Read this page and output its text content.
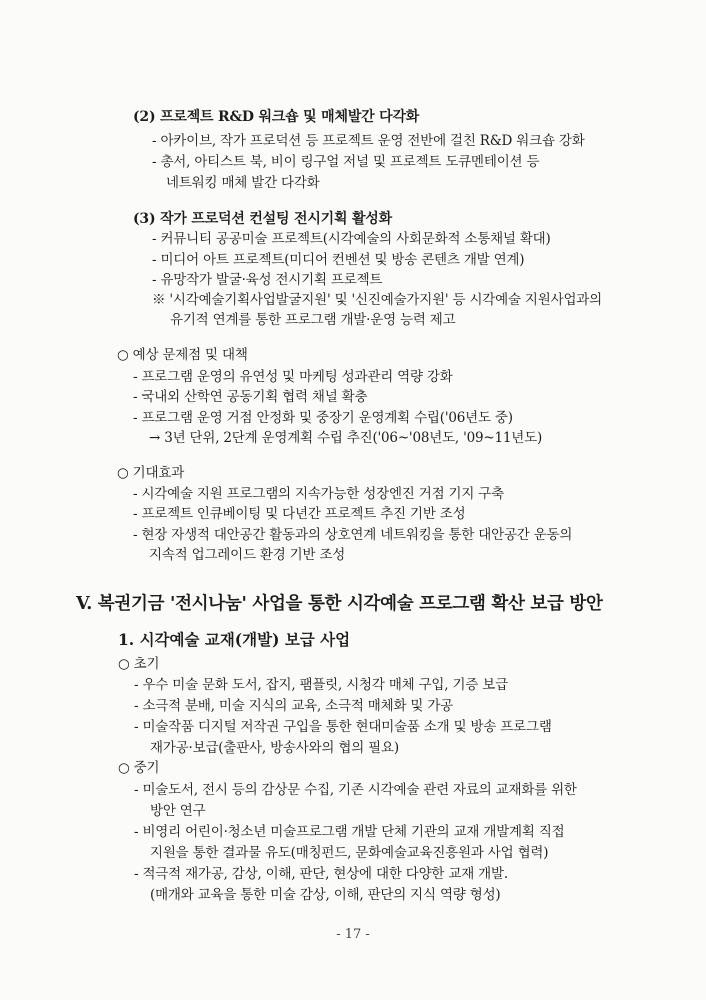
(2) 프로젝트 R&D 워크숍 및 매체발간 다각화
- 아카이브, 작가 프로덕션 등 프로젝트 운영 전반에 걸친 R&D 워크숍 강화
- 총서, 아티스트 북, 비이 링구얼 저널 및 프로젝트 도큐멘테이션 등
네트워킹 매체 발간 다각화
(3) 작가 프로덕션 컨설팅 전시기획 활성화
- 커뮤니티 공공미술 프로젝트(시각예술의 사회문화적 소통채널 확대)
- 미디어 아트 프로젝트(미디어 컨벤션 및 방송 콘텐츠 개발 연계)
- 유망작가 발굴·육성 전시기획 프로젝트
※ '시각예술기획사업발굴지원' 및 '신진예술가지원' 등 시각예술 지원사업과의
유기적 연계를 통한 프로그램 개발·운영 능력 제고
○ 예상 문제점 및 대책
- 프로그램 운영의 유연성 및 마케팅 성과관리 역량 강화
- 국내외 산학연 공동기획 협력 채널 확충
- 프로그램 운영 거점 안정화 및 중장기 운영계획 수립('06년도 중)
→ 3년 단위, 2단계 운영계획 수립 추진('06~'08년도, '09~11년도)
○ 기대효과
- 시각예술 지원 프로그램의 지속가능한 성장엔진 거점 기지 구축
- 프로젝트 인큐베이팅 및 다년간 프로젝트 추진 기반 조성
- 현장 자생적 대안공간 활동과의 상호연계 네트워킹을 통한 대안공간 운동의
지속적 업그레이드 환경 기반 조성
V. 복권기금 '전시나눔' 사업을 통한 시각예술 프로그램 확산 보급 방안
1. 시각예술 교재(개발) 보급 사업
○ 초기
- 우수 미술 문화 도서, 잡지, 팸플릿, 시청각 매체 구입, 기증 보급
- 소극적 분배, 미술 지식의 교육, 소극적 매체화 및 가공
- 미술작품 디지털 저작권 구입을 통한 현대미술품 소개 및 방송 프로그램
재가공·보급(출판사, 방송사와의 협의 필요)
○ 중기
- 미술도서, 전시 등의 감상문 수집, 기존 시각예술 관련 자료의 교재화를 위한
방안 연구
- 비영리 어린이·청소년 미술프로그램 개발 단체 기관의 교재 개발계획 직접
지원을 통한 결과물 유도(매칭펀드, 문화예술교육진흥원과 사업 협력)
- 적극적 재가공, 감상, 이해, 판단, 현상에 대한 다양한 교재 개발.
(매개와 교육을 통한 미술 감상, 이해, 판단의 지식 역량 형성)
- 17 -
